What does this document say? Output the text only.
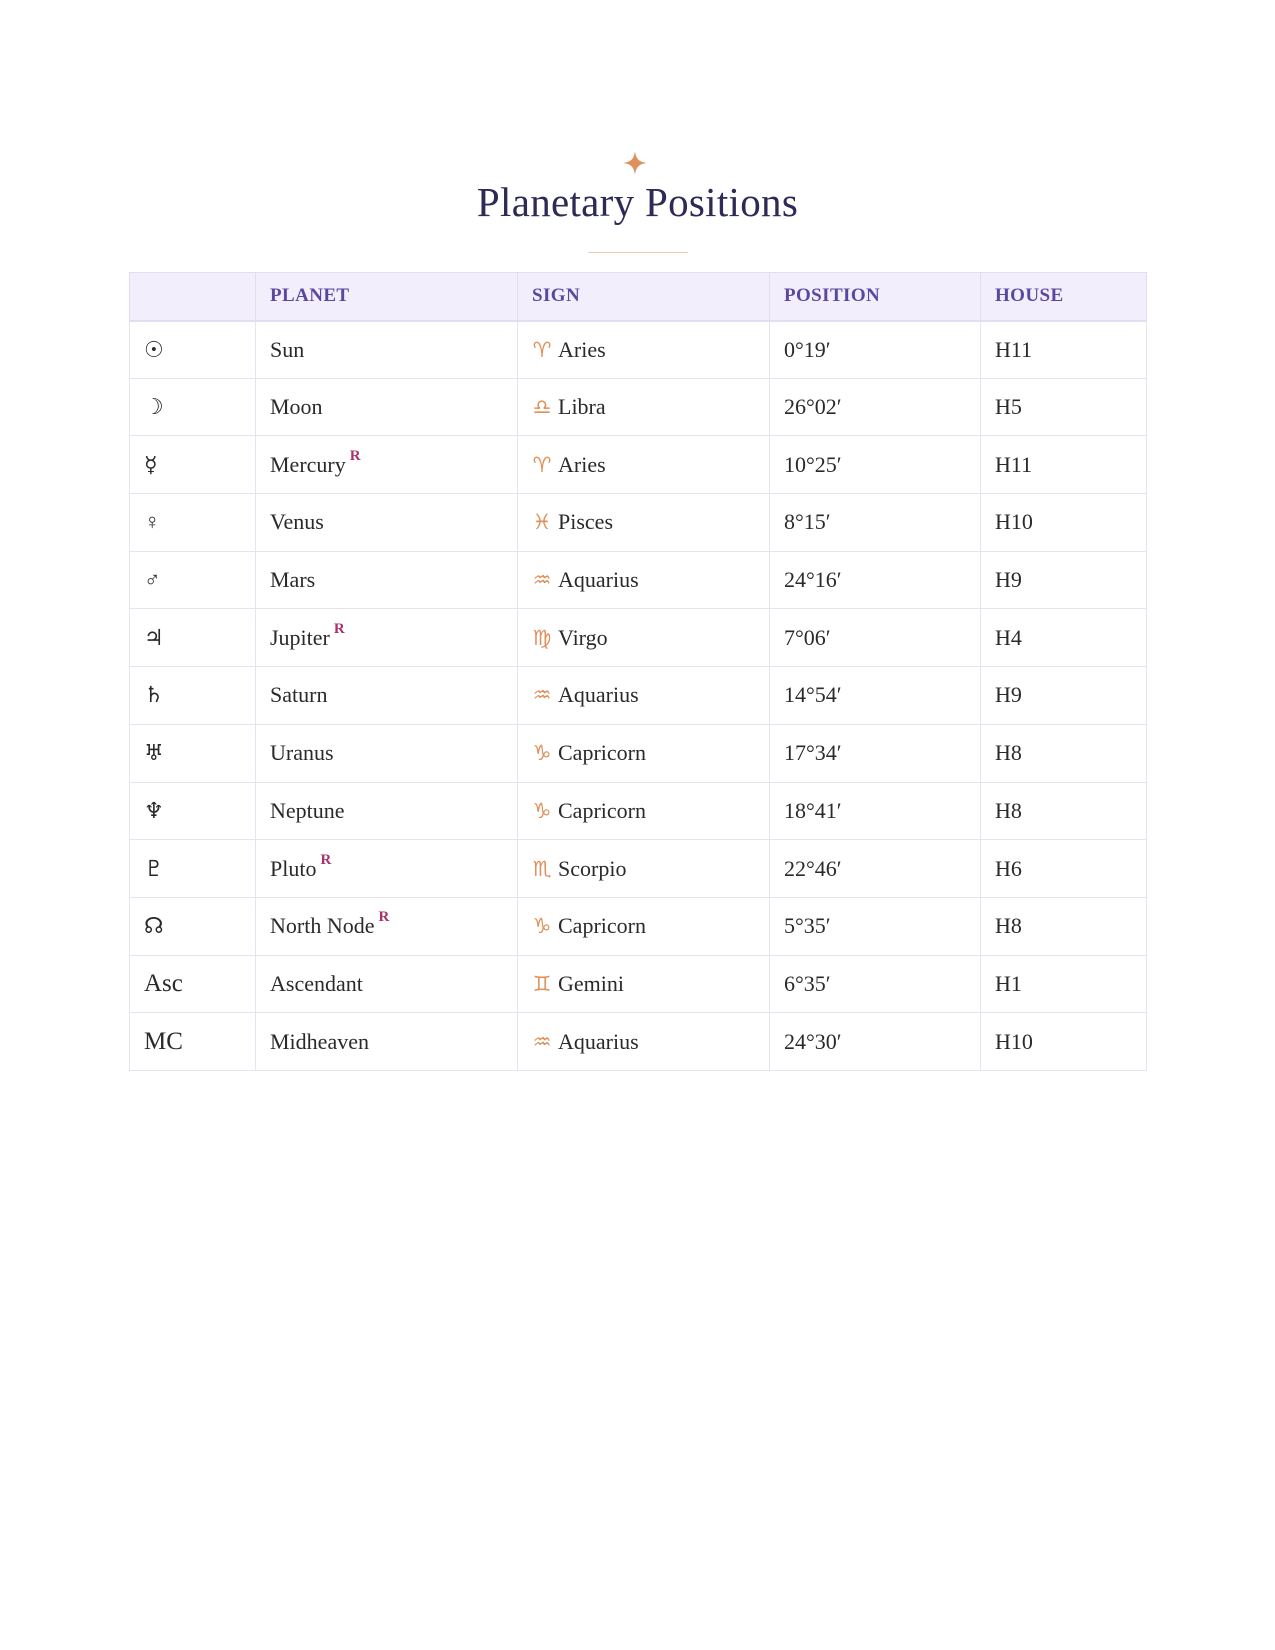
Planetary Positions
	PLANET	SIGN	POSITION	HOUSE
☉	Sun	♈ Aries	0°19′	H11
☽	Moon	♎ Libra	26°02′	H5
☿	Mercury $^R$	♈ Aries	10°25′	H11
♀	Venus	♓ Pisces	8°15′	H10
♂	Mars	♒ Aquarius	24°16′	H9
♃	Jupiter $^R$	♍ Virgo	7°06′	H4
♄	Saturn	♒ Aquarius	14°54′	H9
♅	Uranus	♑ Capricorn	17°34′	H8
♆	Neptune	♑ Capricorn	18°41′	H8
♇	Pluto $^R$	♏ Scorpio	22°46′	H6
☊	North Node $^R$	♑ Capricorn	5°35′	H8
Asc	Ascendant	♊ Gemini	6°35′	H1
MC	Midheaven	♒ Aquarius	24°30′	H10
